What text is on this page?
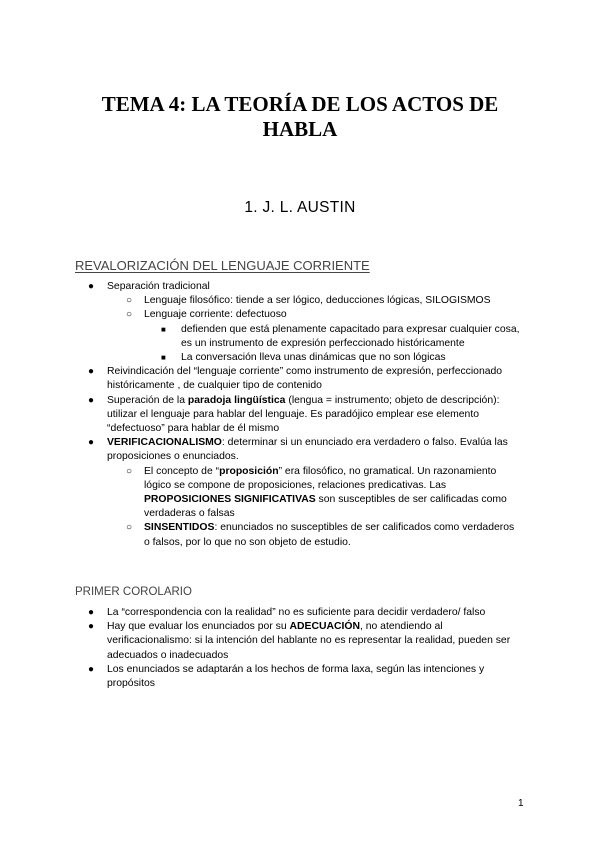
TEMA 4: LA TEORÍA DE LOS ACTOS DE
HABLA
1. J. L. AUSTIN
REVALORIZACIÓN DEL LENGUAJE CORRIENTE
● Separación tradicional
○ Lenguaje filosófico: tiende a ser lógico, deducciones lógicas, SILOGISMOS
○ Lenguaje corriente: defectuoso
■ defienden que está plenamente capacitado para expresar cualquier cosa, es un instrumento de expresión perfeccionado históricamente
■ La conversación lleva unas dinámicas que no son lógicas
● Reivindicación del “lenguaje corriente” como instrumento de expresión, perfeccionado históricamente , de cualquier tipo de contenido
● Superación de la paradoja lingüística (lengua = instrumento; objeto de descripción): utilizar el lenguaje para hablar del lenguaje. Es paradójico emplear ese elemento “defectuoso” para hablar de él mismo
● VERIFICACIONALISMO: determinar si un enunciado era verdadero o falso. Evalúa las proposiciones o enunciados.
○ El concepto de “proposición” era filosófico, no gramatical. Un razonamiento lógico se compone de proposiciones, relaciones predicativas. Las PROPOSICIONES SIGNIFICATIVAS son susceptibles de ser calificadas como verdaderas o falsas
○ SINSENTIDOS: enunciados no susceptibles de ser calificados como verdaderos o falsos, por lo que no son objeto de estudio.
PRIMER COROLARIO
● La “correspondencia con la realidad” no es suficiente para decidir verdadero/ falso
● Hay que evaluar los enunciados por su ADECUACIÓN, no atendiendo al verificacionalismo: si la intención del hablante no es representar la realidad, pueden ser adecuados o inadecuados
● Los enunciados se adaptarán a los hechos de forma laxa, según las intenciones y propósitos
1
